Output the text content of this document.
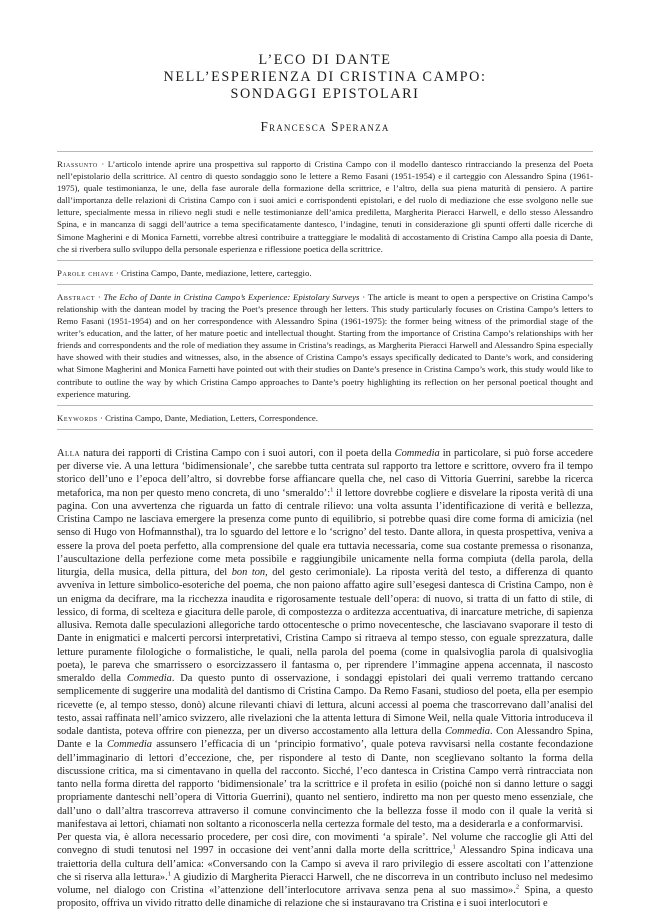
L’ECO DI DANTE

NELL’ESPERIENZA DI CRISTINA CAMPO:

SONDAGGI EPISTOLARI

Francesca Speranza

Riassunto · L’articolo intende aprire una prospettiva sul rapporto di Cristina Campo con il modello dantesco rintracciando la presenza del Poeta nell’epistolario della scrittrice. Al centro di questo sondaggio sono le lettere a Remo Fasani (1951-1954) e il carteggio con Alessandro Spina (1961-1975), quale testimonianza, le une, della fase aurorale della formazione della scrittrice, e l’altro, della sua piena maturità di pensiero. A partire dall’importanza delle relazioni di Cristina Campo con i suoi amici e corrispondenti epistolari, e del ruolo di mediazione che esse svolgono nelle sue letture, specialmente messa in rilievo negli studi e nelle testimonianze dell’amica prediletta, Margherita Pieracci Harwell, e dello stesso Alessandro Spina, e in mancanza di saggi dell’autrice a tema specificatamente dantesco, l’indagine, tenuti in considerazione gli spunti offerti dalle ricerche di Simone Magherini e di Monica Farnetti, vorrebbe altresì contribuire a tratteggiare le modalità di accostamento di Cristina Campo alla poesia di Dante, che si riverbera sullo sviluppo della personale esperienza e riflessione poetica della scrittrice.

Parole chiave · Cristina Campo, Dante, mediazione, lettere, carteggio.

Abstract · The Echo of Dante in Cristina Campo’s Experience: Epistolary Surveys · The article is meant to open a perspective on Cristina Campo’s relationship with the dantean model by tracing the Poet’s presence through her letters. This study particularly focuses on Cristina Campo’s letters to Remo Fasani (1951-1954) and on her correspondence with Alessandro Spina (1961-1975): the former being witness of the primordial stage of the writer’s education, and the latter, of her mature poetic and intellectual thought. Starting from the importance of Cristina Campo’s relationships with her friends and correspondents and the role of mediation they assume in Cristina’s readings, as Margherita Pieracci Harwell and Alessandro Spina especially have showed with their studies and witnesses, also, in the absence of Cristina Campo’s essays specifically dedicated to Dante’s work, and considering what Simone Magherini and Monica Farnetti have pointed out with their studies on Dante’s presence in Cristina Campo’s work, this study would like to contribute to outline the way by which Cristina Campo approaches to Dante’s poetry highlighting its reflection on her personal poetical thought and experience maturing.

Keywords · Cristina Campo, Dante, Mediation, Letters, Correspondence.

Alla natura dei rapporti di Cristina Campo con i suoi autori, con il poeta della Commedia in particolare, si può forse accedere per diverse vie. A una lettura ‘bidimensionale’, che sarebbe tutta centrata sul rapporto tra lettore e scrittore, ovvero fra il tempo storico dell’uno e l’epoca dell’altro, si dovrebbe forse affiancare quella che, nel caso di Vittoria Guerrini, sarebbe la ricerca metaforica, ma non per questo meno concreta, di uno ‘smeraldo’:$^1$ il lettore dovrebbe cogliere e disvelare la riposta verità di una pagina. Con una avvertenza che riguarda un fatto di centrale rilievo: una volta assunta l’identificazione di verità e bellezza, Cristina Campo ne lasciava emergere la presenza come punto di equilibrio, si potrebbe quasi dire come forma di amicizia (nel senso di Hugo von Hofmannsthal), tra lo sguardo del lettore e lo ‘scrigno’ del testo. Dante allora, in questa prospettiva, veniva a essere la prova del poeta perfetto, alla comprensione del quale era tuttavia necessaria, come sua costante premessa o risonanza, l’auscultazione della perfezione come meta possibile e raggiungibile unicamente nella forma compiuta (della parola, della liturgia, della musica, della pittura, del bon ton, del gesto cerimoniale). La riposta verità del testo, a differenza di quanto avveniva in letture simbolico-esoteriche del poema, che non paiono affatto agire sull’esegesi dantesca di Cristina Campo, non è un enigma da decifrare, ma la ricchezza inaudita e rigorosamente testuale dell’opera: di nuovo, si tratta di un fatto di stile, di lessico, di forma, di scelteza e giacitura delle parole, di compostezza o arditezza accentuativa, di inarcature metriche, di sapienza allusiva. Remota dalle speculazioni allegoriche tardo ottocentesche o primo novecentesche, che lasciavano svaporare il testo di Dante in enigmatici e malcerti percorsi interpretativi, Cristina Campo si ritraeva al tempo stesso, con eguale sprezzatura, dalle letture puramente filologiche o formalistiche, le quali, nella parola del poema (come in qualsivoglia parola di qualsivoglia poeta), le pareva che smarrissero o esorcizzassero il fantasma o, per riprendere l’immagine appena accennata, il nascosto smeraldo della Commedia. Da questo punto di osservazione, i sondaggi epistolari dei quali verremo trattando cercano semplicemente di suggerire una modalità del dantismo di Cristina Campo. Da Remo Fasani, studioso del poeta, ella per esempio ricevette (e, al tempo stesso, donò) alcune rilevanti chiavi di lettura, alcuni accessi al poema che trascorrevano dall’analisi del testo, assai raffinata nell’amico svizzero, alle rivelazioni che la attenta lettura di Simone Weil, nella quale Vittoria introduceva il sodale dantista, poteva offrire con pienezza, per un diverso accostamento alla lettura della Commedia. Con Alessandro Spina, Dante e la Commedia assunsero l’efficacia di un ‘principio formativo’, quale poteva ravvisarsi nella costante fecondazione dell’immaginario di lettori d’eccezione, che, per rispondere al testo di Dante, non sceglievano soltanto la forma della discussione critica, ma si cimentavano in quella del racconto. Sicché, l’eco dantesca in Cristina Campo verrà rintracciata non tanto nella forma diretta del rapporto ‘bidimensionale’ tra la scrittrice e il profeta in esilio (poiché non si danno letture o saggi propriamente danteschi nell’opera di Vittoria Guerrini), quanto nel sentiero, indiretto ma non per questo meno essenziale, che dall’uno o dall’altra trascorreva attraverso il comune convincimento che la bellezza fosse il modo con il quale la verità si manifestava ai lettori, chiamati non soltanto a riconoscerla nella certezza formale del testo, ma a desiderarla e a conformarvisi.

Per questa via, è allora necessario procedere, per così dire, con movimenti ‘a spirale’. Nel volume che raccoglie gli Atti del convegno di studi tenutosi nel 1997 in occasione dei vent’anni dalla morte della scrittrice,$^1$ Alessandro Spina indicava una traiettoria della cultura dell’amica: «Conversando con la Campo si aveva il raro privilegio di essere ascoltati con l’attenzione che si riserva alla lettura».$^1$ A giudizio di Margherita Pieracci Harwell, che ne discorreva in un contributo incluso nel medesimo volume, nel dialogo con Cristina «l’attenzione dell’interlocutore arrivava senza pena al suo massimo».$^2$ Spina, a questo proposito, offriva un vivido ritratto delle dinamiche di relazione che si instauravano tra Cristina e i suoi interlocutori e
